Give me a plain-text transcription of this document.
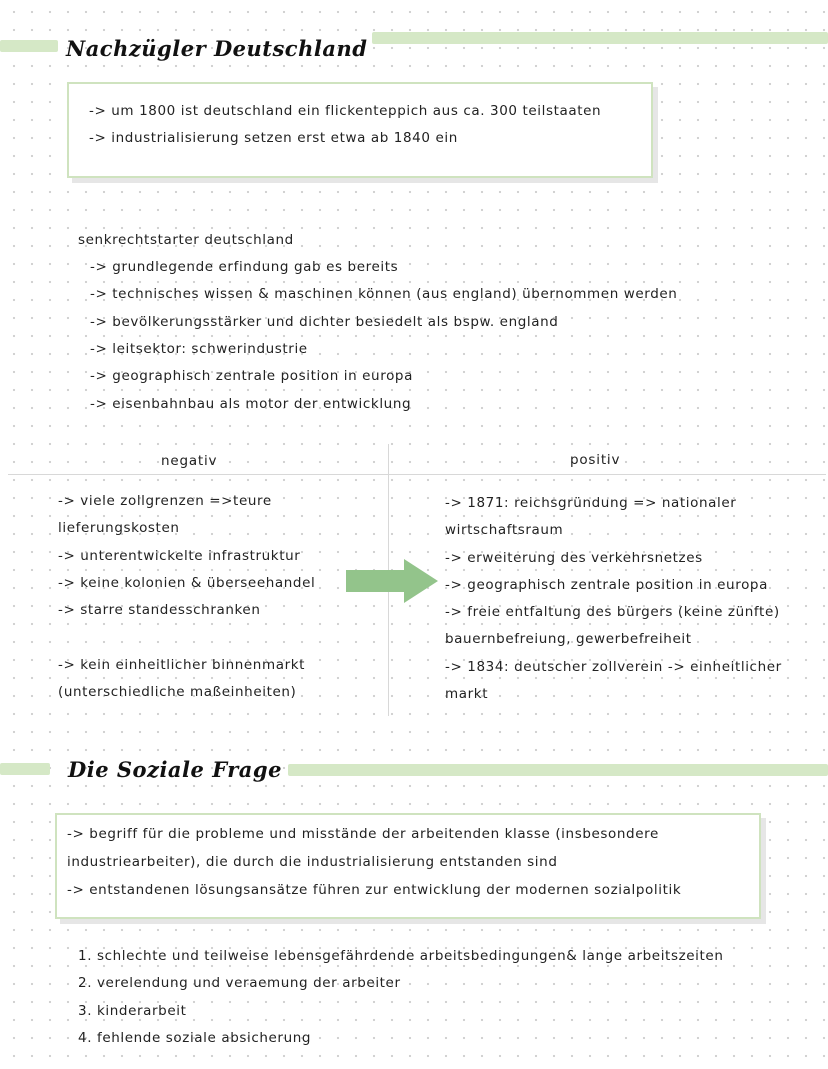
Nachzügler Deutschland
-> um 1800 ist deutschland ein flickenteppich aus ca. 300 teilstaaten
-> industrialisierung setzen erst etwa ab 1840 ein
senkrechtstarter deutschland
-> grundlegende erfindung gab es bereits
-> technisches wissen & maschinen können (aus england) übernommen werden
-> bevölkerungsstärker und dichter besiedelt als bspw. england
-> leitsektor: schwerindustrie
-> geographisch zentrale position in europa
-> eisenbahnbau als motor der entwicklung
negativ	positiv
-> viele zollgrenzen =>teure
lieferungskosten
-> unterentwickelte infrastruktur
-> keine kolonien & überseehandel
-> starre standesschranken
-> kein einheitlicher binnenmarkt
(unterschiedliche maßeinheiten)
-> 1871: reichsgründung => nationaler
wirtschaftsraum
-> erweiterung des verkehrsnetzes
-> geographisch zentrale position in europa
-> freie entfaltung des bürgers (keine zünfte)
bauernbefreiung, gewerbefreiheit
-> 1834: deutscher zollverein -> einheitlicher
markt
Die Soziale Frage
-> begriff für die probleme und misstände der arbeitenden klasse (insbesondere
industriearbeiter), die durch die industrialisierung entstanden sind
-> entstandenen lösungsansätze führen zur entwicklung der modernen sozialpolitik
1. schlechte und teilweise lebensgefährdende arbeitsbedingungen& lange arbeitszeiten
2. verelendung und veraemung der arbeiter
3. kinderarbeit
4. fehlende soziale absicherung
